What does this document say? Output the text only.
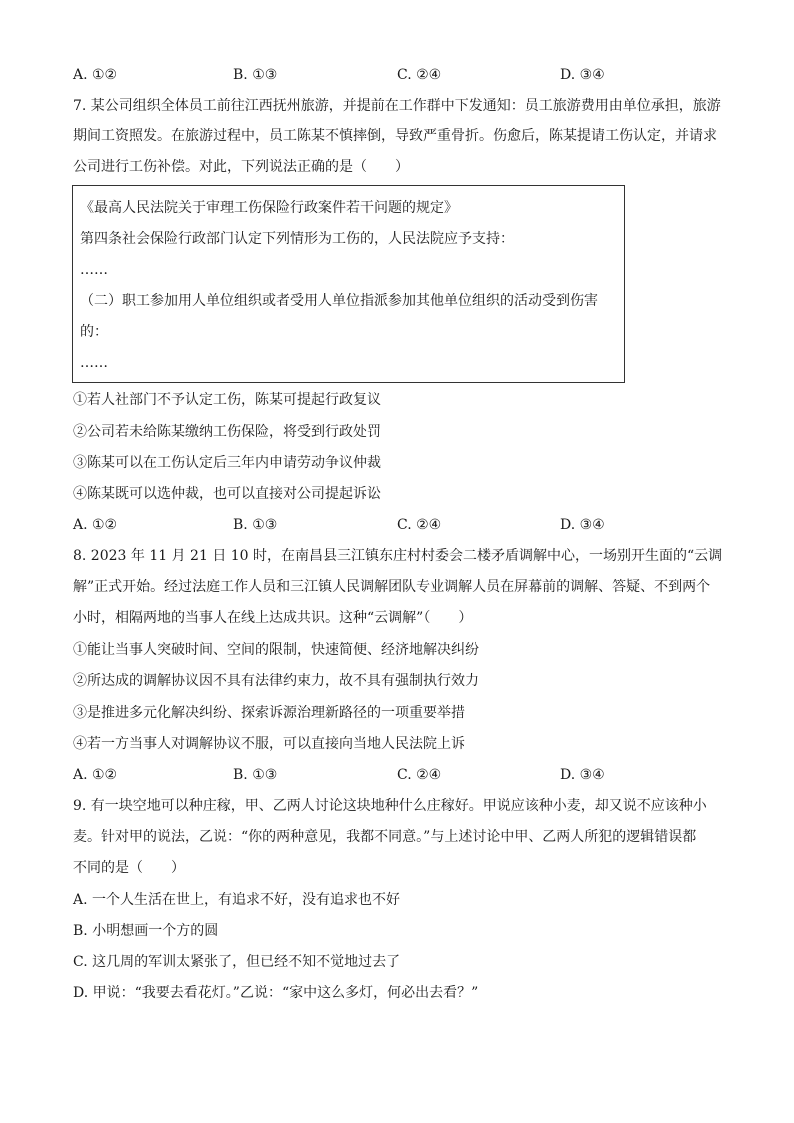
A. ①②	B. ①③	C. ②④	D. ③④
7. 某公司组织全体员工前往江西抚州旅游，并提前在工作群中下发通知：员工旅游费用由单位承担，旅游
期间工资照发。在旅游过程中，员工陈某不慎摔倒，导致严重骨折。伤愈后，陈某提请工伤认定，并请求
公司进行工伤补偿。对此，下列说法正确的是（　　）
《最高人民法院关于审理工伤保险行政案件若干问题的规定》
第四条社会保险行政部门认定下列情形为工伤的，人民法院应予支持：
……
（二）职工参加用人单位组织或者受用人单位指派参加其他单位组织的活动受到伤害
的：
……
①若人社部门不予认定工伤，陈某可提起行政复议
②公司若未给陈某缴纳工伤保险，将受到行政处罚
③陈某可以在工伤认定后三年内申请劳动争议仲裁
④陈某既可以选仲裁，也可以直接对公司提起诉讼
A. ①②	B. ①③	C. ②④	D. ③④
8. 2023 年 11 月 21 日 10 时，在南昌县三江镇东庄村村委会二楼矛盾调解中心，一场别开生面的“云调
解”正式开始。经过法庭工作人员和三江镇人民调解团队专业调解人员在屏幕前的调解、答疑、不到两个
小时，相隔两地的当事人在线上达成共识。这种“云调解”（　　）
①能让当事人突破时间、空间的限制，快速简便、经济地解决纠纷
②所达成的调解协议因不具有法律约束力，故不具有强制执行效力
③是推进多元化解决纠纷、探索诉源治理新路径的一项重要举措
④若一方当事人对调解协议不服，可以直接向当地人民法院上诉
A. ①②	B. ①③	C. ②④	D. ③④
9. 有一块空地可以种庄稼，甲、乙两人讨论这块地种什么庄稼好。甲说应该种小麦，却又说不应该种小
麦。针对甲的说法，乙说：“你的两种意见，我都不同意。”与上述讨论中甲、乙两人所犯的逻辑错误都
不同的是（　　）
A. 一个人生活在世上，有追求不好，没有追求也不好
B. 小明想画一个方的圆
C. 这几周的军训太紧张了，但已经不知不觉地过去了
D. 甲说：“我要去看花灯。”乙说：“家中这么多灯，何必出去看？”
